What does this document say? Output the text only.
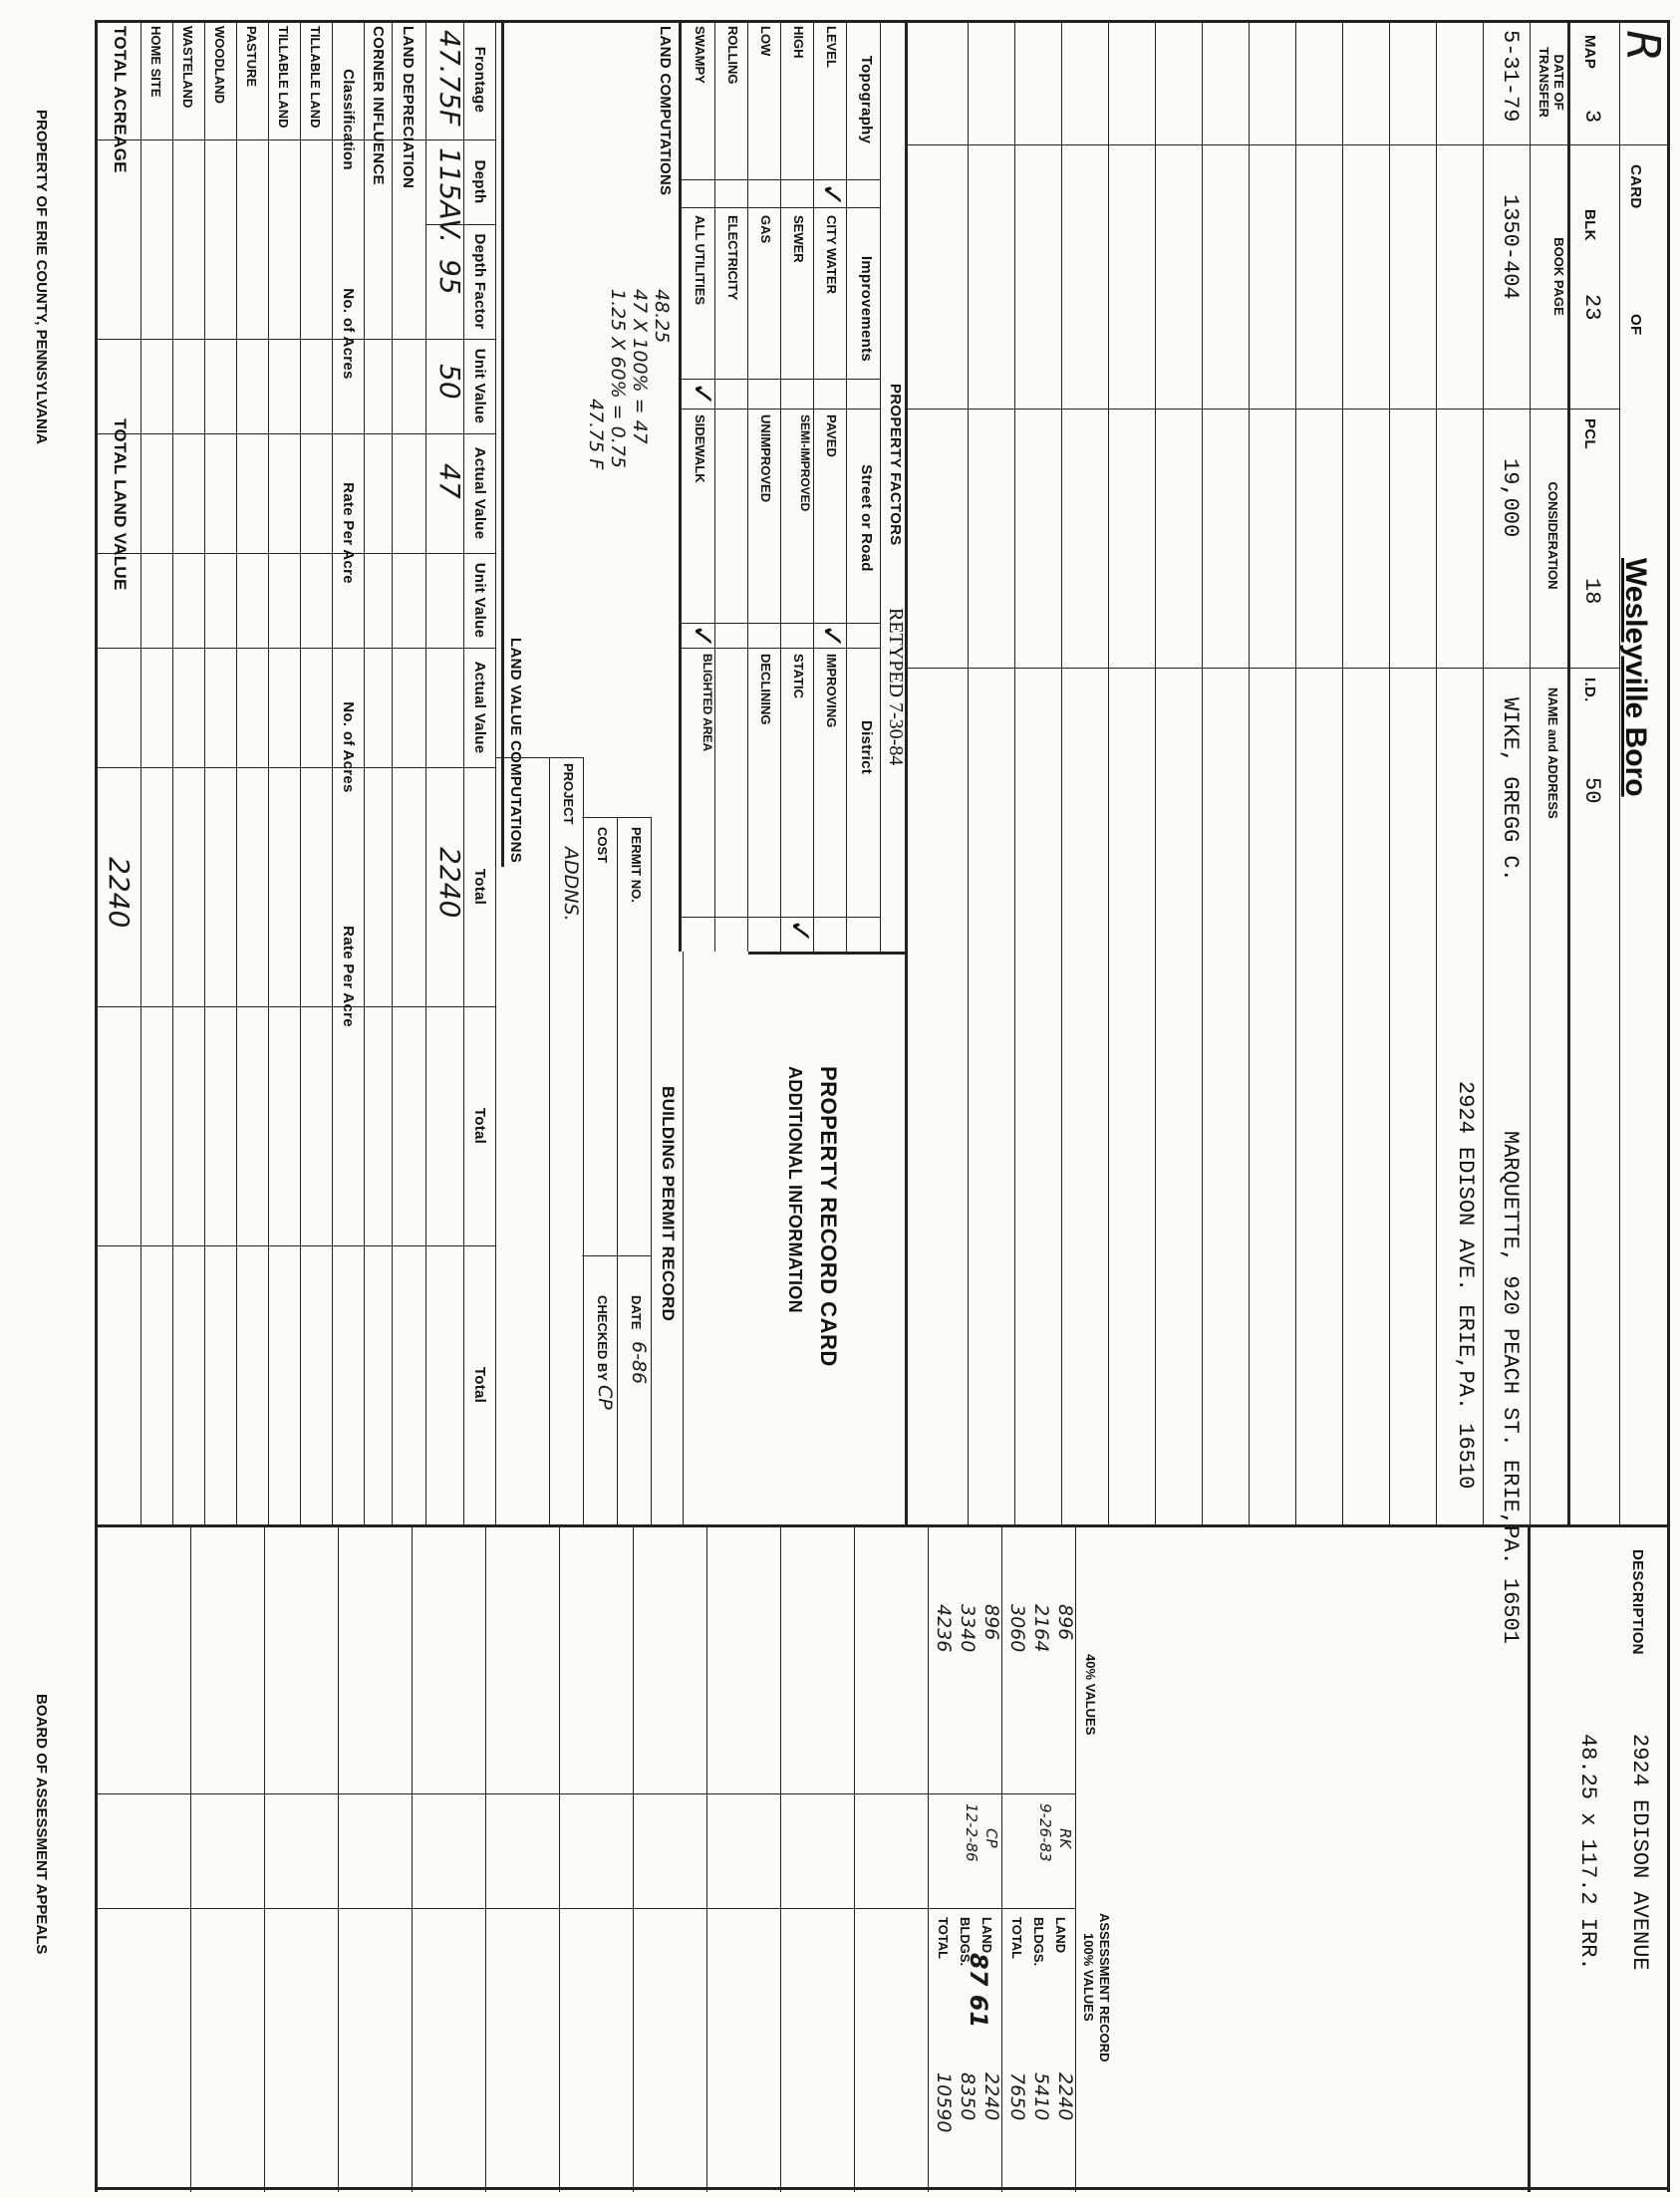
R
CARD
OF
Wesleyville Boro
MAP
3
BLK
23
PCL
18
I.D.
50
DESCRIPTION
2924 EDISON AVENUE
48.25 x 117.2 IRR.
DATE OF TRANSFER
BOOK PAGE
CONSIDERATION
NAME and ADDRESS
5-31-79
1350-404
19,000
WIKE, GREGG C.
MARQUETTE, 920 PEACH ST. ERIE,PA. 16501
2924 EDISON AVE. ERIE,PA. 16510
PROPERTY FACTORS
RETYPED 7-30-84
Topography
Improvements
Street or Road
District
LEVEL
HIGH
LOW
ROLLING
SWAMPY
CITY WATER
SEWER
GAS
ELECTRICITY
ALL UTILITIES
PAVED
SEMI-IMPROVED
UNIMPROVED
SIDEWALK
IMPROVING
STATIC
DECLINING
BLIGHTED AREA
✓
✓
✓
✓
✓
LAND COMPUTATIONS
48.25
47 X 100% = 47
1.25 X 60% = 0.75
47.75 F
LAND VALUE COMPUTATIONS
Frontage
Depth
Depth Factor
Unit Value
Actual Value
Unit Value
Actual Value
Total
Total
Total
47.75F
115AV.
95
50
47
2240
LAND DEPRECIATION
CORNER INFLUENCE
Classification
No. of Acres
Rate Per Acre
No. of Acres
Rate Per Acre
TILLABLE LAND
TILLABLE LAND
PASTURE
WOODLAND
WASTELAND
HOME SITE
TOTAL ACREAGE
TOTAL LAND VALUE
2240
PROPERTY RECORD CARD
ADDITIONAL INFORMATION
BUILDING PERMIT RECORD
PERMIT NO.
DATE
6-86
COST
CHECKED BY
CP
PROJECT
ADDNS.
40% VALUES
ASSESSMENT RECORD
100% VALUES
LAND
BLDGS.
TOTAL
896
2164
3060
RK
9-26-83
2240
5410
7650
LAND
BLDGS.
TOTAL
896
3340
4236
CP
12-2-86
2240
8350
10590
87 61
PROPERTY OF ERIE COUNTY, PENNSYLVANIA
BOARD OF ASSESSMENT APPEALS
